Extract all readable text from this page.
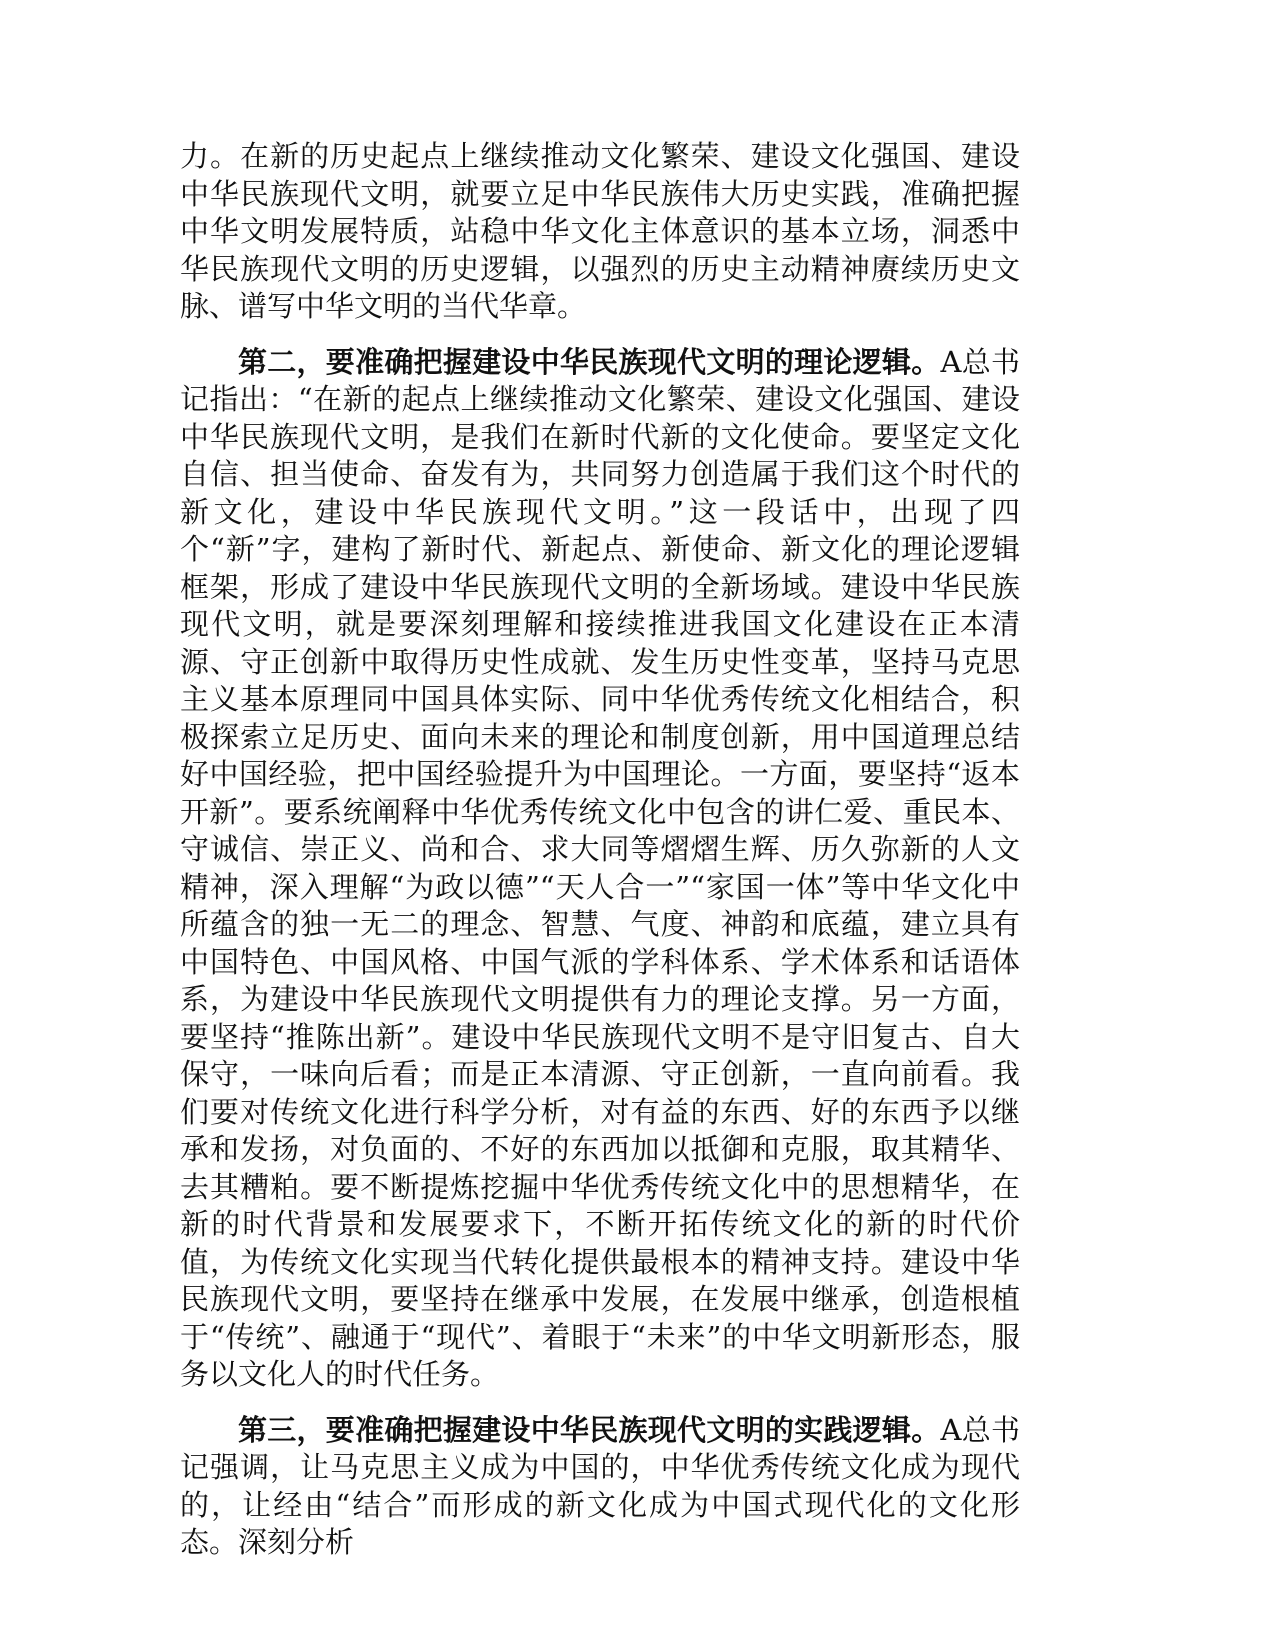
力。在新的历史起点上继续推动文化繁荣、建设文化强国、建设中华民族现代文明，就要立足中华民族伟大历史实践，准确把握中华文明发展特质，站稳中华文化主体意识的基本立场，洞悉中华民族现代文明的历史逻辑，以强烈的历史主动精神赓续历史文脉、谱写中华文明的当代华章。

第二，要准确把握建设中华民族现代文明的理论逻辑。A总书记指出：“在新的起点上继续推动文化繁荣、建设文化强国、建设中华民族现代文明，是我们在新时代新的文化使命。要坚定文化自信、担当使命、奋发有为，共同努力创造属于我们这个时代的新文化，建设中华民族现代文明。”这一段话中，出现了四个“新”字，建构了新时代、新起点、新使命、新文化的理论逻辑框架，形成了建设中华民族现代文明的全新场域。建设中华民族现代文明，就是要深刻理解和接续推进我国文化建设在正本清源、守正创新中取得历史性成就、发生历史性变革，坚持马克思主义基本原理同中国具体实际、同中华优秀传统文化相结合，积极探索立足历史、面向未来的理论和制度创新，用中国道理总结好中国经验，把中国经验提升为中国理论。一方面，要坚持“返本开新”。要系统阐释中华优秀传统文化中包含的讲仁爱、重民本、守诚信、崇正义、尚和合、求大同等熠熠生辉、历久弥新的人文精神，深入理解“为政以德”“天人合一”“家国一体”等中华文化中所蕴含的独一无二的理念、智慧、气度、神韵和底蕴，建立具有中国特色、中国风格、中国气派的学科体系、学术体系和话语体系，为建设中华民族现代文明提供有力的理论支撑。另一方面，要坚持“推陈出新”。建设中华民族现代文明不是守旧复古、自大保守，一味向后看；而是正本清源、守正创新，一直向前看。我们要对传统文化进行科学分析，对有益的东西、好的东西予以继承和发扬，对负面的、不好的东西加以抵御和克服，取其精华、去其糟粕。要不断提炼挖掘中华优秀传统文化中的思想精华，在新的时代背景和发展要求下，不断开拓传统文化的新的时代价值，为传统文化实现当代转化提供最根本的精神支持。建设中华民族现代文明，要坚持在继承中发展，在发展中继承，创造根植于“传统”、融通于“现代”、着眼于“未来”的中华文明新形态，服务以文化人的时代任务。

第三，要准确把握建设中华民族现代文明的实践逻辑。A总书记强调，让马克思主义成为中国的，中华优秀传统文化成为现代的，让经由“结合”而形成的新文化成为中国式现代化的文化形态。深刻分析
